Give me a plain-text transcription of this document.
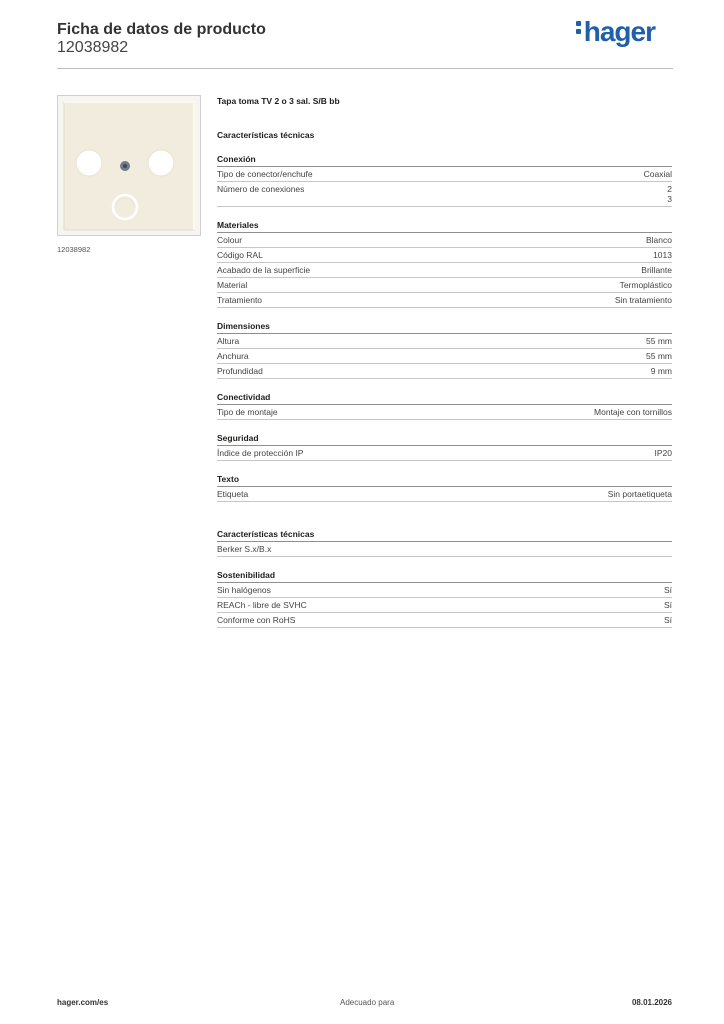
Ficha de datos de producto
12038982
hager
12038982
Tapa toma TV 2 o 3 sal. S/B bb
Características técnicas
Conexión
Tipo de conector/enchufe	Coaxial
Número de conexiones	2
3
Materiales
Colour	Blanco
Código RAL	1013
Acabado de la superficie	Brillante
Material	Termoplástico
Tratamiento	Sin tratamiento
Dimensiones
Altura	55 mm
Anchura	55 mm
Profundidad	9 mm
Conectividad
Tipo de montaje	Montaje con tornillos
Seguridad
Índice de protección IP	IP20
Texto
Etiqueta	Sin portaetiqueta
Características técnicas
Berker S.x/B.x
Sostenibilidad
Sin halógenos	Sí
REACh - libre de SVHC	Sí
Conforme con RoHS	Sí
hager.com/es	Adecuado para	08.01.2026
